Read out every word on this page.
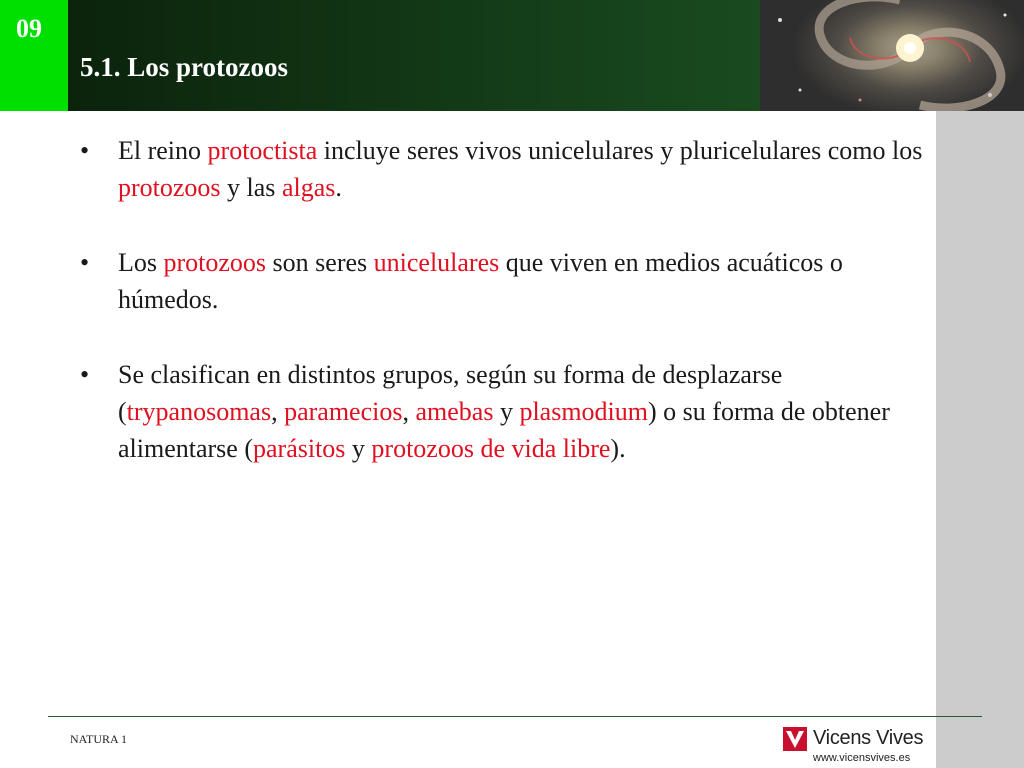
09
5.1. Los protozoos
•	El reino protoctista incluye seres vivos unicelulares y pluricelulares como los protozoos y las algas.
•	Los protozoos son seres unicelulares que viven en medios acuáticos o húmedos.
•	Se clasifican en distintos grupos, según su forma de desplazarse (trypanosomas, paramecios, amebas y plasmodium) o su forma de obtener alimentarse (parásitos y protozoos de vida libre).
NATURA 1	Vicens Vives
www.vicensvives.es
